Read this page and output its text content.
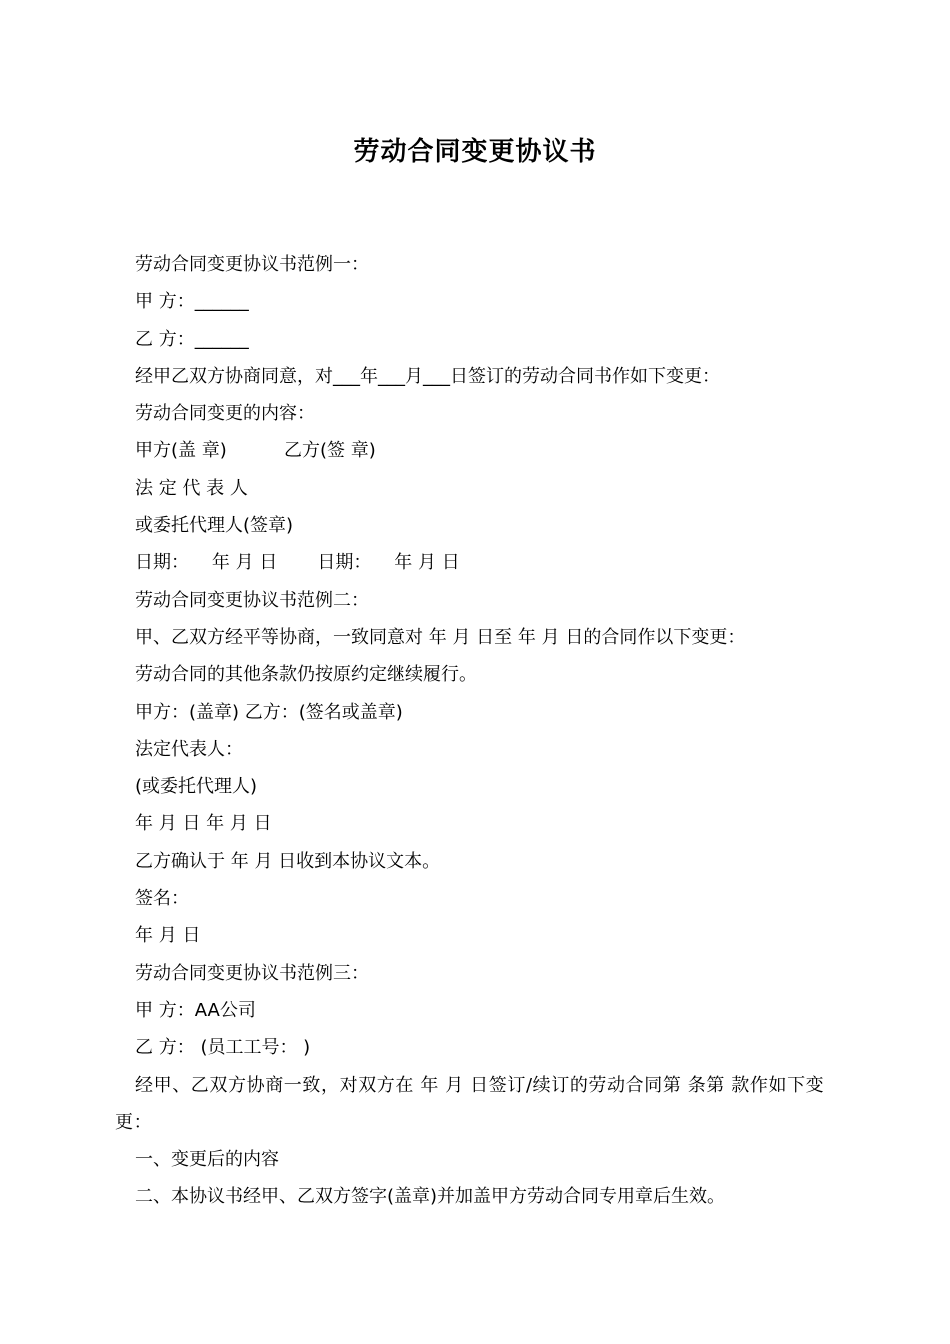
劳动合同变更协议书

劳动合同变更协议书范例一：

甲 方：______

乙 方：______

经甲乙双方协商同意，对___年___月___日签订的劳动合同书作如下变更：

劳动合同变更的内容：

甲方(盖 章)          乙方(签 章)

法 定 代 表 人

或委托代理人(签章)

日期：    年 月 日       日期：    年 月 日

劳动合同变更协议书范例二：

甲、乙双方经平等协商，一致同意对 年 月 日至 年 月 日的合同作以下变更：

劳动合同的其他条款仍按原约定继续履行。

甲方：(盖章) 乙方：(签名或盖章)

法定代表人：

(或委托代理人)

年 月 日 年 月 日

乙方确认于 年 月 日收到本协议文本。

签名：

年 月 日

劳动合同变更协议书范例三：

甲 方：AA公司

乙 方： (员工工号： )

经甲、乙双方协商一致，对双方在 年 月 日签订/续订的劳动合同第 条第 款作如下变更：

一、变更后的内容

二、本协议书经甲、乙双方签字(盖章)并加盖甲方劳动合同专用章后生效。
